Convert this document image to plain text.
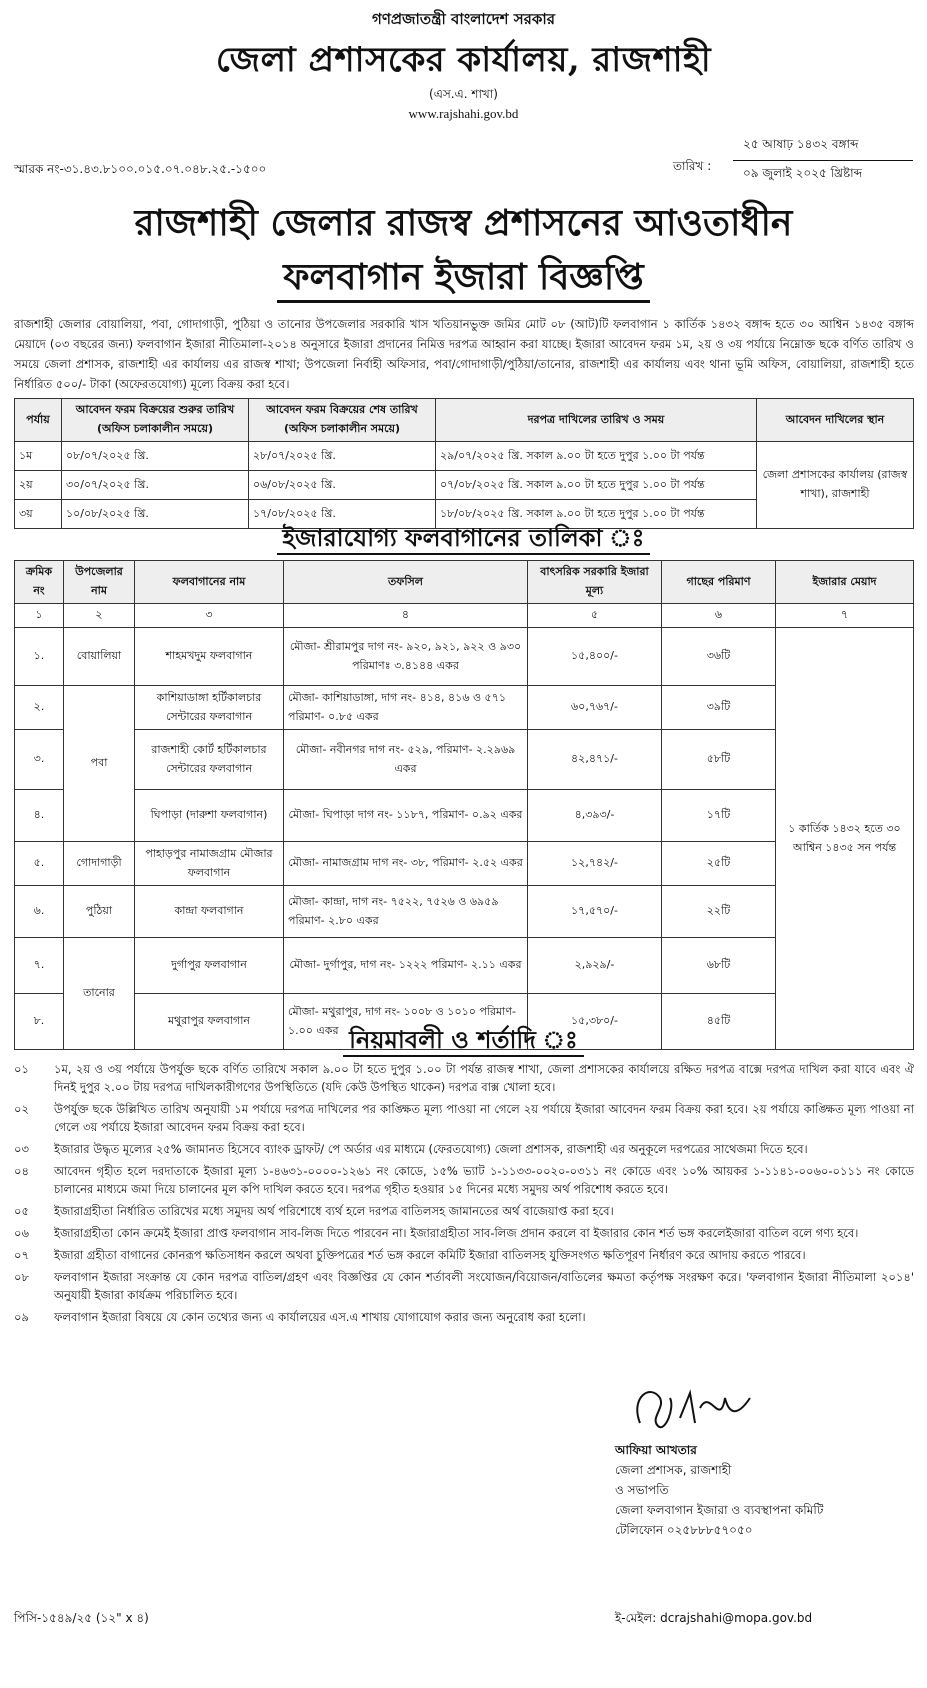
গণপ্রজাতন্ত্রী বাংলাদেশ সরকার
জেলা প্রশাসকের কার্যালয়, রাজশাহী
(এস.এ. শাখা)
www.rajshahi.gov.bd
স্মারক নং-৩১.৪৩.৮১০০.০১৫.০৭.০৪৮.২৫.-১৫০০
২৫ আষাঢ় ১৪৩২ বঙ্গাব্দ
তারিখ :	০৯ জুলাই ২০২৫ খ্রিষ্টাব্দ
রাজশাহী জেলার রাজস্ব প্রশাসনের আওতাধীন
ফলবাগান ইজারা বিজ্ঞপ্তি
রাজশাহী জেলার বোয়ালিয়া, পবা, গোদাগাড়ী, পুঠিয়া ও তানোর উপজেলার সরকারি খাস খতিয়ানভুক্ত জমির মোট ০৮ (আট)টি ফলবাগান ১ কার্তিক ১৪৩২ বঙ্গাব্দ হতে ৩০ আশ্বিন ১৪৩৫ বঙ্গাব্দ মেয়াদে (০৩ বছরের জন্য) ফলবাগান ইজারা নীতিমালা-২০১৪ অনুসারে ইজারা প্রদানের নিমিত্ত দরপত্র আহ্বান করা যাচ্ছে। ইজারা আবেদন ফরম ১ম, ২য় ও ৩য় পর্যায়ে নিম্নোক্ত ছকে বর্ণিত তারিখ ও সময়ে জেলা প্রশাসক, রাজশাহী এর কার্যালয় এর রাজস্ব শাখা; উপজেলা নির্বাহী অফিসার, পবা/গোদাগাড়ী/পুঠিয়া/তানোর, রাজশাহী এর কার্যালয় এবং থানা ভূমি অফিস, বোয়ালিয়া, রাজশাহী হতে নির্ধারিত ৫০০/- টাকা (অফেরতযোগ্য) মূল্যে বিক্রয় করা হবে।
পর্যায়	আবেদন ফরম বিক্রয়ের শুরুর তারিখ (অফিস চলাকালীন সময়ে)	আবেদন ফরম বিক্রয়ের শেষ তারিখ (অফিস চলাকালীন সময়ে)	দরপত্র দাখিলের তারিখ ও সময়	আবেদন দাখিলের স্থান
১ম	০৮/০৭/২০২৫ খ্রি.	২৮/০৭/২০২৫ খ্রি.	২৯/০৭/২০২৫ খ্রি. সকাল ৯.০০ টা হতে দুপুর ১.০০ টা পর্যন্ত	জেলা প্রশাসকের কার্যালয় (রাজস্ব শাখা), রাজশাহী
২য়	৩০/০৭/২০২৫ খ্রি.	০৬/০৮/২০২৫ খ্রি.	০৭/০৮/২০২৫ খ্রি. সকাল ৯.০০ টা হতে দুপুর ১.০০ টা পর্যন্ত	
৩য়	১০/০৮/২০২৫ খ্রি.	১৭/০৮/২০২৫ খ্রি.	১৮/০৮/২০২৫ খ্রি. সকাল ৯.০০ টা হতে দুপুর ১.০০ টা পর্যন্ত	
ইজারাযোগ্য ফলবাগানের তালিকা ঃ
ক্রমিক নং	উপজেলার নাম	ফলবাগানের নাম	তফসিল	বাৎসরিক সরকারি ইজারা মূল্য	গাছের পরিমাণ	ইজারার মেয়াদ
১	২	৩	৪	৫	৬	৭
১.	বোয়ালিয়া	শাহমখদুম ফলবাগান	মৌজা- শ্রীরামপুর দাগ নং- ৯২০, ৯২১, ৯২২ ও ৯৩০ পরিমাণঃ ৩.৪১৪৪ একর	১৫,৪০০/-	৩৬টি	১ কার্তিক ১৪৩২ হতে ৩০ আশ্বিন ১৪৩৫ সন পর্যন্ত
২.	পবা	কাশিয়াডাঙ্গা হর্টিকালচার সেন্টারের ফলবাগান	মৌজা- কাশিয়াডাঙ্গা, দাগ নং- ৪১৪, ৪১৬ ও ৫৭১ পরিমাণ- ০.৮৫ একর	৬০,৭৬৭/-	৩৯টি	
৩.		রাজশাহী কোর্ট হর্টিকালচার সেন্টারের ফলবাগান	মৌজা- নবীনগর দাগ নং- ৫২৯, পরিমাণ- ২.২৯৬৯ একর	৪২,৪৭১/-	৫৮টি	
৪.		ঘিপাড়া (দারুশা ফলবাগান)	মৌজা- ঘিপাড়া দাগ নং- ১১৮৭, পরিমাণ- ০.৯২ একর	৪,৩৯৩/-	১৭টি	
৫.	গোদাগাড়ী	পাহাড়পুর নামাজগ্রাম মৌজার ফলবাগান	মৌজা- নামাজগ্রাম দাগ নং- ৩৮, পরিমাণ- ২.৫২ একর	১২,৭৪২/-	২৫টি	
৬.	পুঠিয়া	কান্দ্রা ফলবাগান	মৌজা- কান্দ্রা, দাগ নং- ৭৫২২, ৭৫২৬ ও ৬৯৫৯ পরিমাণ- ২.৮০ একর	১৭,৫৭০/-	২২টি	
৭.	তানোর	দুর্গাপুর ফলবাগান	মৌজা- দুর্গাপুর, দাগ নং- ১২২২ পরিমাণ- ২.১১ একর	২,৯২৯/-	৬৮টি	
৮.		মথুরাপুর ফলবাগান	মৌজা- মথুরাপুর, দাগ নং- ১০০৮ ও ১০১০ পরিমাণ- ১.০০ একর	১৫,৩৮০/-	৪৫টি	
নিয়মাবলী ও শর্তাদি ঃ
০১	১ম, ২য় ও ৩য় পর্যায়ে উপর্যুক্ত ছকে বর্ণিত তারিখে সকাল ৯.০০ টা হতে দুপুর ১.০০ টা পর্যন্ত রাজস্ব শাখা, জেলা প্রশাসকের কার্যালয়ে রক্ষিত দরপত্র বাক্সে দরপত্র দাখিল করা যাবে এবং ঐ দিনই দুপুর ২.০০ টায় দরপত্র দাখিলকারীগণের উপস্থিতিতে (যদি কেউ উপস্থিত থাকেন) দরপত্র বাক্স খোলা হবে।
০২	উপর্যুক্ত ছকে উল্লিখিত তারিখ অনুযায়ী ১ম পর্যায়ে দরপত্র দাখিলের পর কাঙ্ক্ষিত মূল্য পাওয়া না গেলে ২য় পর্যায়ে ইজারা আবেদন ফরম বিক্রয় করা হবে। ২য় পর্যায়ে কাঙ্ক্ষিত মূল্য পাওয়া না গেলে ৩য় পর্যায়ে ইজারা আবেদন ফরম বিক্রয় করা হবে।
০৩	ইজারার উদ্ধৃত মূল্যের ২৫% জামানত হিসেবে ব্যাংক ড্রাফট/ পে অর্ডার এর মাধ্যমে (ফেরতযোগ্য) জেলা প্রশাসক, রাজশাহী এর অনুকূলে দরপত্রের সাথেজমা দিতে হবে।
০৪	আবেদন গৃহীত হলে দরদাতাকে ইজারা মূল্য ১-৪৬৩১-০০০০-১২৬১ নং কোডে, ১৫% ভ্যাট ১-১১৩৩-০০২০-০৩১১ নং কোডে এবং ১০% আয়কর ১-১১৪১-০০৬০-০১১১ নং কোডে চালানের মাধ্যমে জমা দিয়ে চালানের মূল কপি দাখিল করতে হবে। দরপত্র গৃহীত হওয়ার ১৫ দিনের মধ্যে সমুদয় অর্থ পরিশোধ করতে হবে।
০৫	ইজারাগ্রহীতা নির্ধারিত তারিখের মধ্যে সমুদয় অর্থ পরিশোধে ব্যর্থ হলে দরপত্র বাতিলসহ জামানতের অর্থ বাজেয়াপ্ত করা হবে।
০৬	ইজারাগ্রহীতা কোন ক্রমেই ইজারা প্রাপ্ত ফলবাগান সাব-লিজ দিতে পারবেন না। ইজারাগ্রহীতা সাব-লিজ প্রদান করলে বা ইজারার কোন শর্ত ভঙ্গ করলেইজারা বাতিল বলে গণ্য হবে।
০৭	ইজারা গ্রহীতা বাগানের কোনরূপ ক্ষতিসাধন করলে অথবা চুক্তিপত্রের শর্ত ভঙ্গ করলে কমিটি ইজারা বাতিলসহ যুক্তিসংগত ক্ষতিপূরণ নির্ধারণ করে আদায় করতে পারবে।
০৮	ফলবাগান ইজারা সংক্রান্ত যে কোন দরপত্র বাতিল/গ্রহণ এবং বিজ্ঞপ্তির যে কোন শর্তাবলী সংযোজন/বিয়োজন/বাতিলের ক্ষমতা কর্তৃপক্ষ সংরক্ষণ করে। 'ফলবাগান ইজারা নীতিমালা ২০১৪' অনুযায়ী ইজারা কার্যক্রম পরিচালিত হবে।
০৯	ফলবাগান ইজারা বিষয়ে যে কোন তথ্যের জন্য এ কার্যালয়ের এস.এ শাখায় যোগাযোগ করার জন্য অনুরোধ করা হলো।
আফিয়া আখতার
জেলা প্রশাসক, রাজশাহী
ও সভাপতি
জেলা ফলবাগান ইজারা ও ব্যবস্থাপনা কমিটি
টেলিফোন ০২৫৮৮৮৫৭০৫০
পিসি-১৫৪৯/২৫ (১২" x ৪)	ই-মেইল: dcrajshahi@mopa.gov.bd
